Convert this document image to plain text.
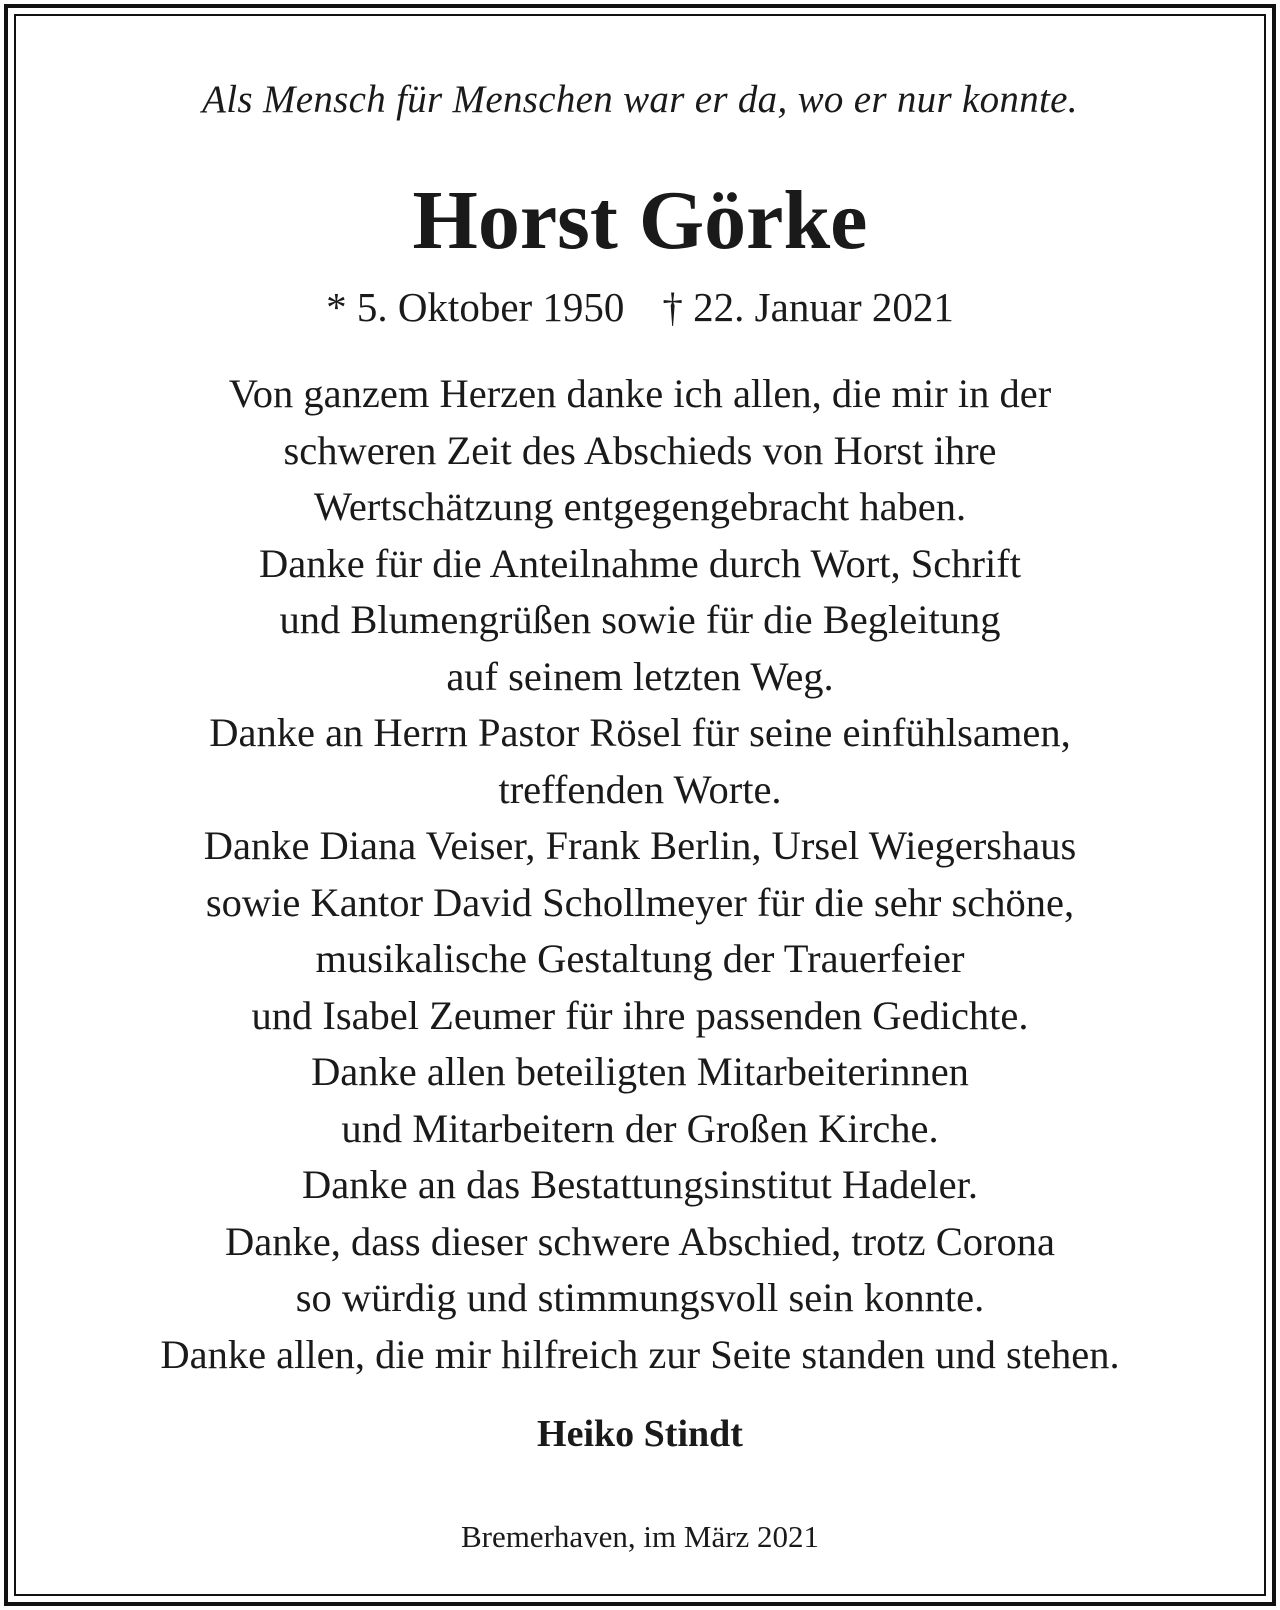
Als Mensch für Menschen war er da, wo er nur konnte.
Horst Görke
* 5. Oktober 1950 † 22. Januar 2021
Von ganzem Herzen danke ich allen, die mir in der
schweren Zeit des Abschieds von Horst ihre
Wertschätzung entgegengebracht haben.
Danke für die Anteilnahme durch Wort, Schrift
und Blumengrüßen sowie für die Begleitung
auf seinem letzten Weg.
Danke an Herrn Pastor Rösel für seine einfühlsamen,
treffenden Worte.
Danke Diana Veiser, Frank Berlin, Ursel Wiegershaus
sowie Kantor David Schollmeyer für die sehr schöne,
musikalische Gestaltung der Trauerfeier
und Isabel Zeumer für ihre passenden Gedichte.
Danke allen beteiligten Mitarbeiterinnen
und Mitarbeitern der Großen Kirche.
Danke an das Bestattungsinstitut Hadeler.
Danke, dass dieser schwere Abschied, trotz Corona
so würdig und stimmungsvoll sein konnte.
Danke allen, die mir hilfreich zur Seite standen und stehen.
Heiko Stindt
Bremerhaven, im März 2021
